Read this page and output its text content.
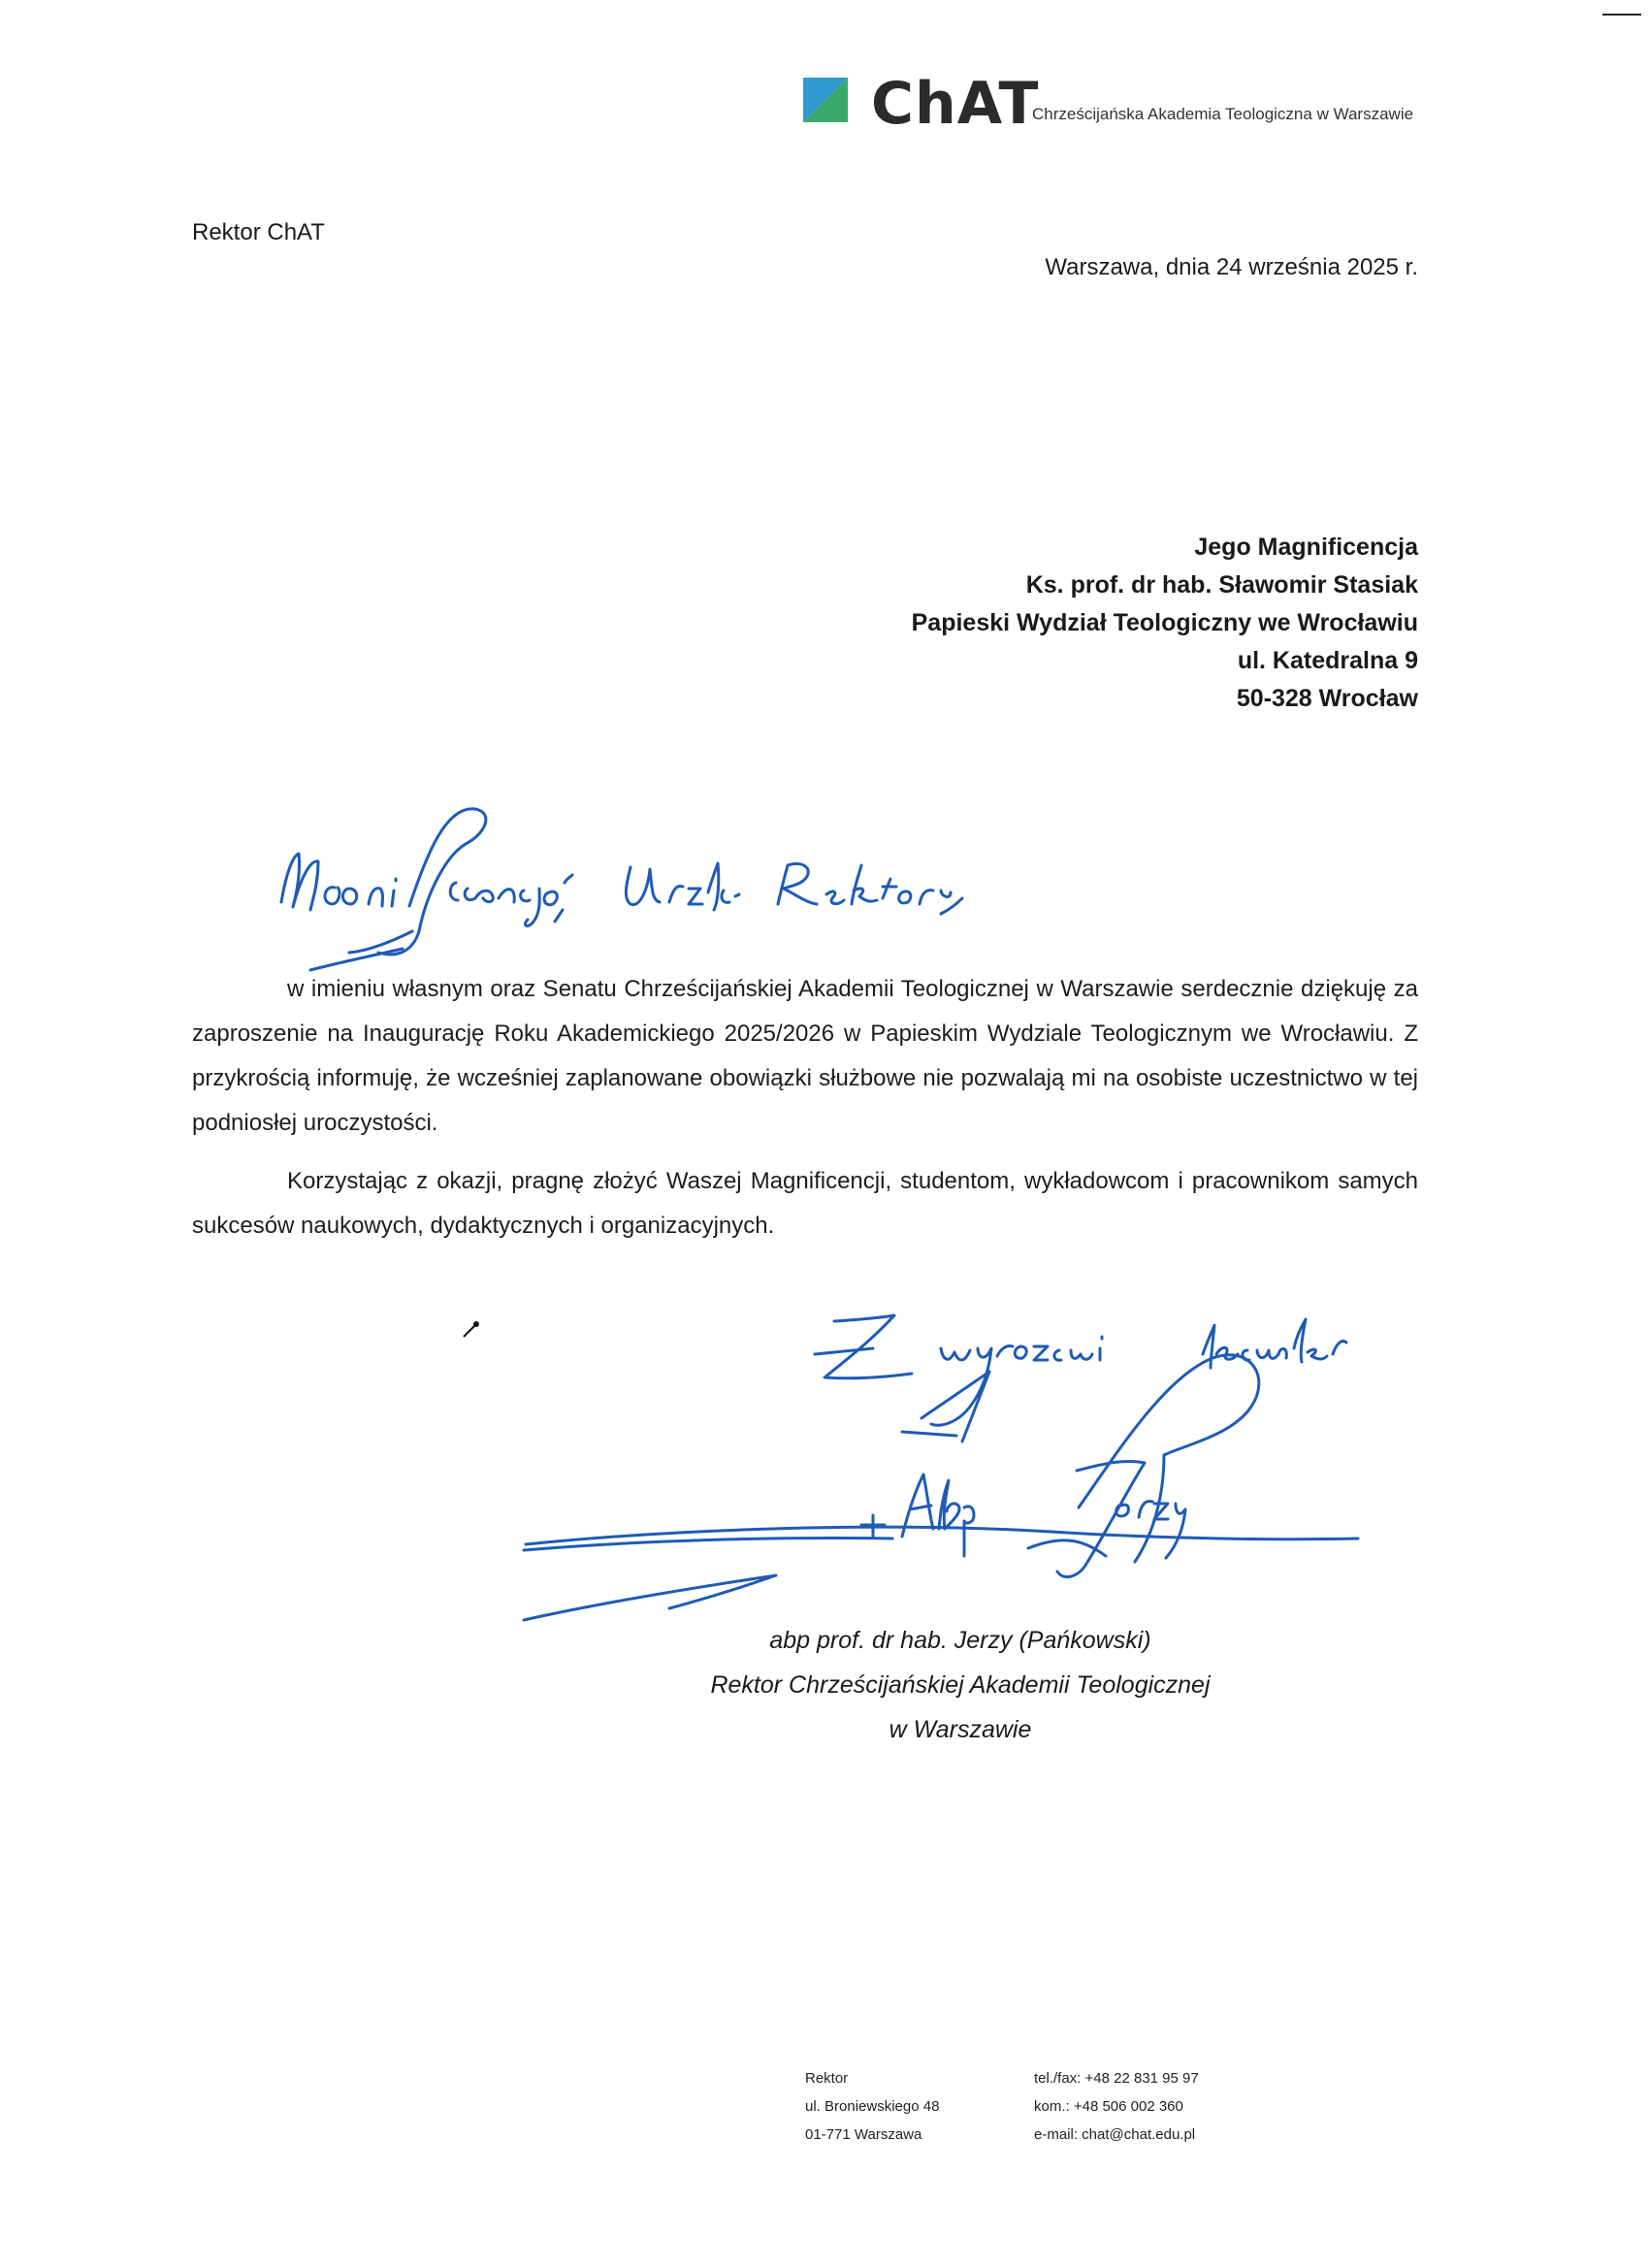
ChAT
Chrześcijańska Akademia Teologiczna w Warszawie
Rektor ChAT
Warszawa, dnia 24 września 2025 r.
Jego Magnificencja
Ks. prof. dr hab. Sławomir Stasiak
Papieski Wydział Teologiczny we Wrocławiu
ul. Katedralna 9
50-328 Wrocław

w imieniu własnym oraz Senatu Chrześcijańskiej Akademii Teologicznej w Warszawie serdecznie dziękuję za zaproszenie na Inaugurację Roku Akademickiego 2025/2026 w Papieskim Wydziale Teologicznym we Wrocławiu. Z przykrością informuję, że wcześniej zaplanowane obowiązki służbowe nie pozwalają mi na osobiste uczestnictwo w tej podniosłej uroczystości.

Korzystając z okazji, pragnę złożyć Waszej Magnificencji, studentom, wykładowcom i pracownikom samych sukcesów naukowych, dydaktycznych i organizacyjnych.

abp prof. dr hab. Jerzy (Pańkowski)
Rektor Chrześcijańskiej Akademii Teologicznej
w Warszawie
Rektor
ul. Broniewskiego 48
01-771 Warszawa
tel./fax: +48 22 831 95 97
kom.: +48 506 002 360
e-mail: chat@chat.edu.pl
